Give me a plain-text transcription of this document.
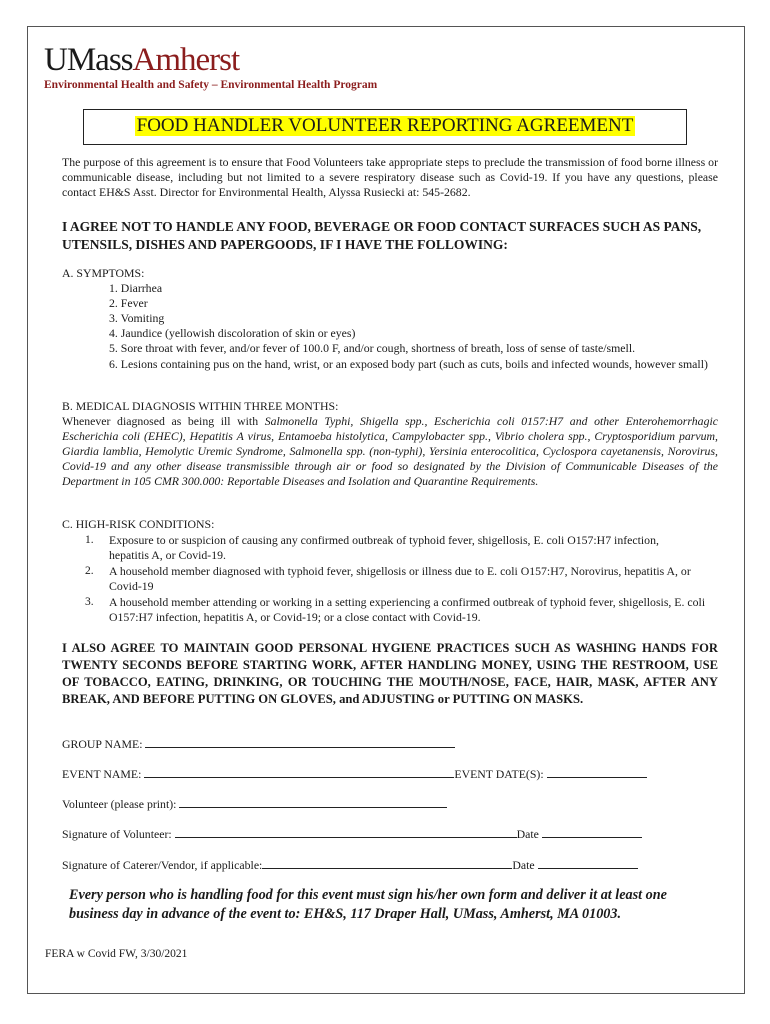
UMassAmherst
Environmental Health and Safety – Environmental Health Program
FOOD HANDLER VOLUNTEER REPORTING AGREEMENT
The purpose of this agreement is to ensure that Food Volunteers take appropriate steps to preclude the transmission of food borne illness or communicable disease, including but not limited to a severe respiratory disease such as Covid-19. If you have any questions, please contact EH&S Asst. Director for Environmental Health, Alyssa Rusiecki at: 545-2682.
I AGREE NOT TO HANDLE ANY FOOD, BEVERAGE OR FOOD CONTACT SURFACES SUCH AS PANS, UTENSILS, DISHES AND PAPERGOODS, IF I HAVE THE FOLLOWING:
A. SYMPTOMS:
1. Diarrhea
2. Fever
3. Vomiting
4. Jaundice (yellowish discoloration of skin or eyes)
5. Sore throat with fever, and/or fever of 100.0 F, and/or cough, shortness of breath, loss of sense of taste/smell.
6. Lesions containing pus on the hand, wrist, or an exposed body part (such as cuts, boils and infected wounds, however small)
B. MEDICAL DIAGNOSIS WITHIN THREE MONTHS:
Whenever diagnosed as being ill with Salmonella Typhi, Shigella spp., Escherichia coli 0157:H7 and other Enterohemorrhagic Escherichia coli (EHEC), Hepatitis A virus, Entamoeba histolytica, Campylobacter spp., Vibrio cholera spp., Cryptosporidium parvum, Giardia lamblia, Hemolytic Uremic Syndrome, Salmonella spp. (non-typhi), Yersinia enterocolitica, Cyclospora cayetanensis, Norovirus, Covid-19 and any other disease transmissible through air or food so designated by the Division of Communicable Diseases of the Department in 105 CMR 300.000: Reportable Diseases and Isolation and Quarantine Requirements.
C. HIGH-RISK CONDITIONS:
1. Exposure to or suspicion of causing any confirmed outbreak of typhoid fever, shigellosis, E. coli O157:H7 infection, hepatitis A, or Covid-19.
2. A household member diagnosed with typhoid fever, shigellosis or illness due to E. coli O157:H7, Norovirus, hepatitis A, or Covid-19
3. A household member attending or working in a setting experiencing a confirmed outbreak of typhoid fever, shigellosis, E. coli O157:H7 infection, hepatitis A, or Covid-19; or a close contact with Covid-19.
I ALSO AGREE TO MAINTAIN GOOD PERSONAL HYGIENE PRACTICES SUCH AS WASHING HANDS FOR TWENTY SECONDS BEFORE STARTING WORK, AFTER HANDLING MONEY, USING THE RESTROOM, USE OF TOBACCO, EATING, DRINKING, OR TOUCHING THE MOUTH/NOSE, FACE, HAIR, MASK, AFTER ANY BREAK, AND BEFORE PUTTING ON GLOVES, and ADJUSTING or PUTTING ON MASKS.
GROUP NAME:
EVENT NAME:	EVENT DATE(S):
Volunteer (please print):
Signature of Volunteer:	Date
Signature of Caterer/Vendor, if applicable:	Date
Every person who is handling food for this event must sign his/her own form and deliver it at least one business day in advance of the event to: EH&S, 117 Draper Hall, UMass, Amherst, MA 01003.
FERA w Covid FW, 3/30/2021
